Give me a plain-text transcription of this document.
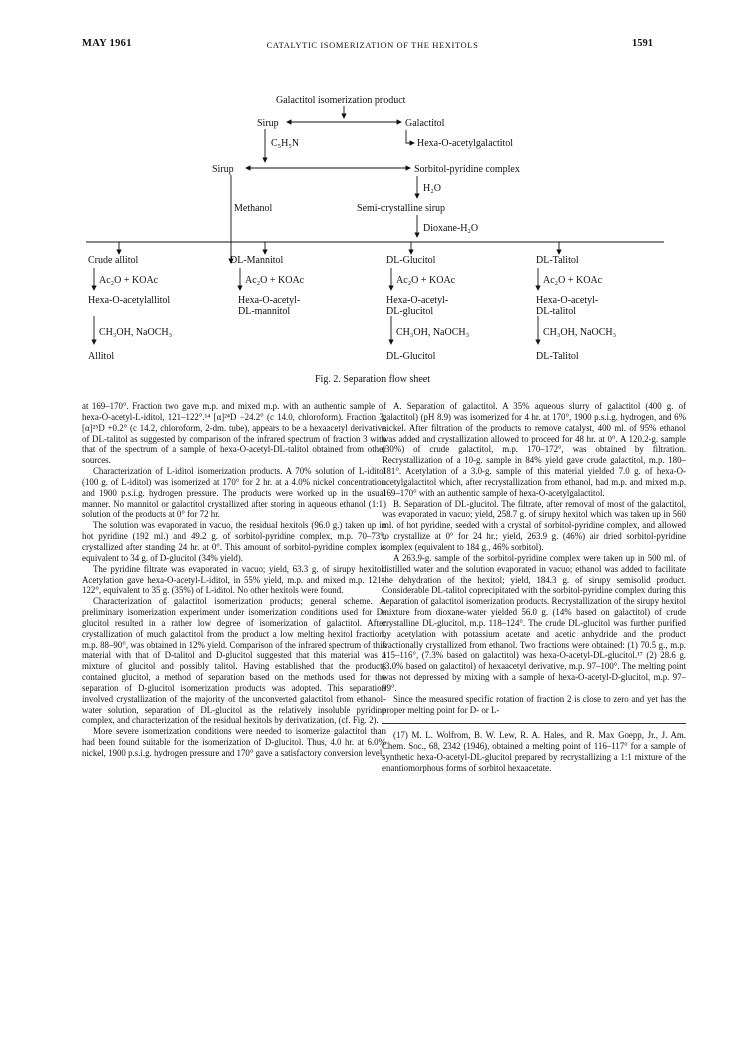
MAY 1961	CATALYTIC ISOMERIZATION OF THE HEXITOLS	1591
Galactitol isomerization product
Sirup	Galactitol
C₅H₅N	Hexa-O-acetylgalactitol
Sirup	Sorbitol-pyridine complex
H₂O
Methanol	Semi-crystalline sirup
Dioxane-H₂O
Crude allitol	DL-Mannitol	DL-Glucitol	DL-Talitol
Ac₂O + KOAc	Ac₂O + KOAc	Ac₂O + KOAc	Ac₂O + KOAc
Hexa-O-acetylallitol	Hexa-O-acetyl-
DL-mannitol
Hexa-O-acetyl-
DL-glucitol
Hexa-O-acetyl-
DL-talitol
CH₃OH, NaOCH₃	CH₃OH, NaOCH₃	CH₃OH, NaOCH₃
Allitol	DL-Glucitol	DL-Talitol
Fig. 2. Separation flow sheet

at 169–170°. Fraction two gave m.p. and mixed m.p. with an authentic sample of hexa-O-acetyl-L-iditol, 121–122°.¹⁴ [α]²⁴D −24.2° (c 14.0, chloroform). Fraction 3, [α]²⁵D +0.2° (c 14.2, chloroform, 2-dm. tube), appears to be a hexaacetyl derivative of DL-talitol as suggested by comparison of the infrared spectrum of fraction 3 with that of the spectrum of a sample of hexa-O-acetyl-DL-talitol obtained from other sources.

Characterization of L-iditol isomerization products. A 70% solution of L-iditol (100 g. of L-iditol) was isomerized at 170° for 2 hr. at a 4.0% nickel concentration and 1900 p.s.i.g. hydrogen pressure. The products were worked up in the usual manner. No mannitol or galactitol crystallized after storing in aqueous ethanol (1:1) solution of the products at 0° for 72 hr.

The solution was evaporated in vacuo, the residual hexitols (96.0 g.) taken up in hot pyridine (192 ml.) and 49.2 g. of sorbitol-pyridine complex, m.p. 70–73°, crystallized after standing 24 hr. at 0°. This amount of sorbitol-pyridine complex is equivalent to 34 g. of D-glucitol (34% yield).

The pyridine filtrate was evaporated in vacuo; yield, 63.3 g. of sirupy hexitol. Acetylation gave hexa-O-acetyl-L-iditol, in 55% yield, m.p. and mixed m.p. 121–122°, equivalent to 35 g. (35%) of L-iditol. No other hexitols were found.

Characterization of galactitol isomerization products; general scheme. A preliminary isomerization experiment under isomerization conditions used for D-glucitol resulted in a rather low degree of isomerization of galactitol. After crystallization of much galactitol from the product a low melting hexitol fraction, m.p. 88–90°, was obtained in 12% yield. Comparison of the infrared spectrum of this material with that of D-talitol and D-glucitol suggested that this material was a mixture of glucitol and possibly talitol. Having established that the products contained glucitol, a method of separation based on the methods used for the separation of D-glucitol isomerization products was adopted. This separation involved crystallization of the majority of the unconverted galactitol from ethanol-water solution, separation of DL-glucitol as the relatively insoluble pyridine complex, and characterization of the residual hexitols by derivatization, (cf. Fig. 2).

More severe isomerization conditions were needed to isomerize galactitol than had been found suitable for the isomerization of D-glucitol. Thus, 4.0 hr. at 6.0% nickel, 1900 p.s.i.g. hydrogen pressure and 170° gave a satisfactory conversion level.

A. Separation of galactitol. A 35% aqueous slurry of galactitol (400 g. of galactitol) (pH 8.9) was isomerized for 4 hr. at 170°, 1900 p.s.i.g. hydrogen, and 6% nickel. After filtration of the products to remove catalyst, 400 ml. of 95% ethanol was added and crystallization allowed to proceed for 48 hr. at 0°. A 120.2-g. sample (30%) of crude galactitol, m.p. 170–172°, was obtained by filtration. Recrystallization of a 10-g. sample in 84% yield gave crude galactitol, m.p. 180–181°. Acetylation of a 3.0-g. sample of this material yielded 7.0 g. of hexa-O-acetylgalactitol which, after recrystallization from ethanol, had m.p. and mixed m.p. 169–170° with an authentic sample of hexa-O-acetylgalactitol.

B. Separation of DL-glucitol. The filtrate, after removal of most of the galactitol, was evaporated in vacuo; yield, 258.7 g. of sirupy hexitol which was taken up in 560 ml. of hot pyridine, seeded with a crystal of sorbitol-pyridine complex, and allowed to crystallize at 0° for 24 hr.; yield, 263.9 g. (46%) air dried sorbitol-pyridine complex (equivalent to 184 g., 46% sorbitol).

A 263.9-g. sample of the sorbitol-pyridine complex were taken up in 500 ml. of distilled water and the solution evaporated in vacuo; ethanol was added to facilitate the dehydration of the hexitol; yield, 184.3 g. of sirupy semisolid product. Considerable DL-talitol coprecipitated with the sorbitol-pyridine complex during this separation of galactitol isomerization products. Recrystallization of the sirupy hexitol mixture from dioxane-water yielded 56.0 g. (14% based on galactitol) of crude crystalline DL-glucitol, m.p. 118–124°. The crude DL-glucitol was further purified by acetylation with potassium acetate and acetic anhydride and the product fractionally crystallized from ethanol. Two fractions were obtained: (1) 70.5 g., m.p. 115–116°, (7.3% based on galactitol) was hexa-O-acetyl-DL-glucitol.¹⁷ (2) 28.6 g. (3.0% based on galactitol) of hexaacetyl derivative, m.p. 97–100°. The melting point was not depressed by mixing with a sample of hexa-O-acetyl-D-glucitol, m.p. 97–99°.

Since the measured specific rotation of fraction 2 is close to zero and yet has the proper melting point for D- or L-

(17) M. L. Wolfrom, B. W. Lew, R. A. Hales, and R. Max Goepp, Jr., J. Am. Chem. Soc., 68, 2342 (1946), obtained a melting point of 116–117° for a sample of synthetic hexa-O-acetyl-DL-glucitol prepared by recrystallizing a 1:1 mixture of the enantiomorphous forms of sorbitol hexaacetate.
